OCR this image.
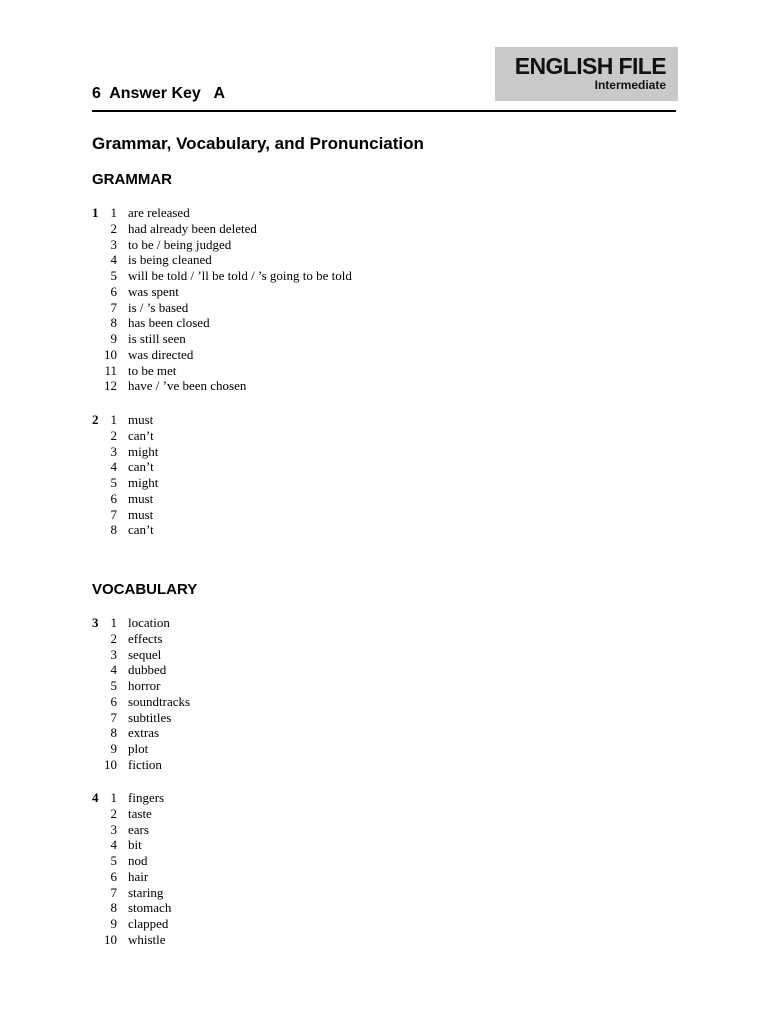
ENGLISH FILE
Intermediate
6  Answer Key   A
Grammar, Vocabulary, and Pronunciation
GRAMMAR
1 1 are released
2 had already been deleted
3 to be / being judged
4 is being cleaned
5 will be told / ’ll be told / ’s going to be told
6 was spent
7 is / ’s based
8 has been closed
9 is still seen
10 was directed
11 to be met
12 have / ’ve been chosen
2 1 must
2 can’t
3 might
4 can’t
5 might
6 must
7 must
8 can’t
VOCABULARY
3 1 location
2 effects
3 sequel
4 dubbed
5 horror
6 soundtracks
7 subtitles
8 extras
9 plot
10 fiction
4 1 fingers
2 taste
3 ears
4 bit
5 nod
6 hair
7 staring
8 stomach
9 clapped
10 whistle
